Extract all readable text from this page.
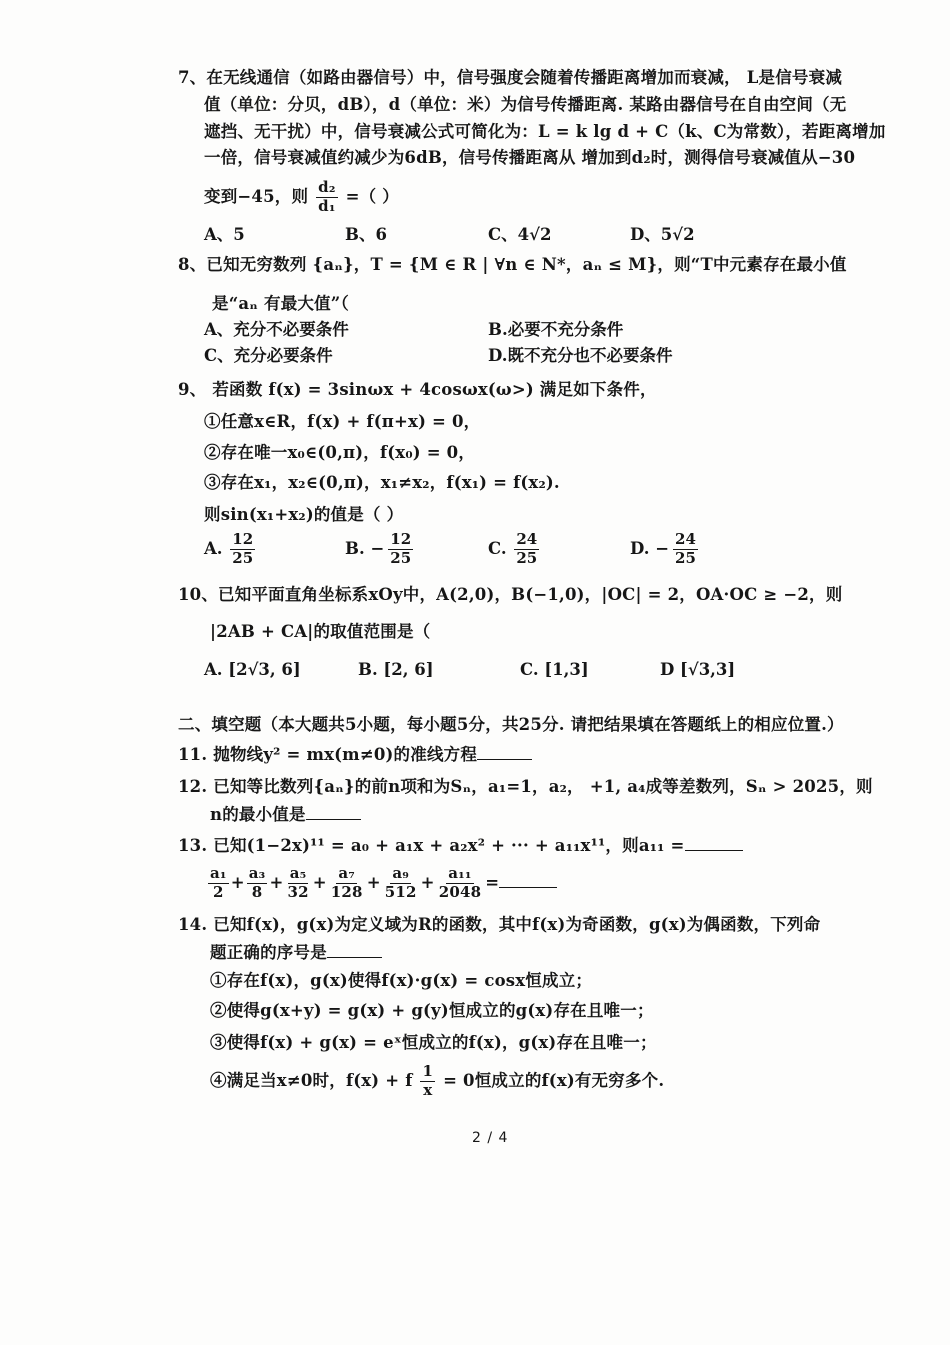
7、在无线通信（如路由器信号）中，信号强度会随着传播距离增加而衰减， L是信号衰减
值（单位：分贝，dB），d（单位：米）为信号传播距离. 某路由器信号在自由空间（无
遮挡、无干扰）中，信号衰减公式可简化为：L = k lg d + C（k、C为常数），若距离增加
一倍，信号衰减值约减少为6dB，信号传播距离从 增加到d₂时，测得信号衰减值从−30
变到−45，则 $\frac{\text{d₂}}{\text{d₁}}$ =（ ）
A、5	B、6	C、4√2	D、5√2
8、已知无穷数列 {aₙ}，T = {M ∈ R | ∀n ∈ N*，aₙ ≤ M}，则“T中元素存在最小值
是“aₙ 有最大值”（
A、充分不必要条件	B.必要不充分条件
C、充分必要条件	D.既不充分也不必要条件
9、 若函数 f(x) = 3sinωx + 4cosωx(ω>) 满足如下条件，
①任意x∈R，f(x) + f(π+x) = 0，
②存在唯一x₀∈(0,π)，f(x₀) = 0，
③存在x₁，x₂∈(0,π)，x₁≠x₂，f(x₁) = f(x₂).
则sin(x₁+x₂)的值是（ ）
A. $\frac{12}{25}$	B. − $\frac{12}{25}$	C. $\frac{24}{25}$	D. − $\frac{24}{25}$
10、已知平面直角坐标系xOy中，A(2,0)，B(−1,0)，|OC| = 2，OA·OC ≥ −2，则
|2AB + CA|的取值范围是（
A. [2√3, 6]	B. [2, 6]	C. [1,3]	D [√3,3]
二、填空题（本大题共5小题，每小题5分，共25分. 请把结果填在答题纸上的相应位置.）
11. 抛物线y² = mx(m≠0)的准线方程
12. 已知等比数列{aₙ}的前n项和为Sₙ，a₁=1，a₂， +1, a₄成等差数列，Sₙ > 2025，则
n的最小值是
13. 已知(1−2x)¹¹ = a₀ + a₁x + a₂x² + ··· + a₁₁x¹¹，则a₁₁ =
$\frac{\text{a₁}}{2} + \frac{\text{a₃}}{8} + \frac{\text{a₅}}{32} + \frac{\text{a₇}}{128} + \frac{\text{a₉}}{512} + \frac{\text{a₁₁}}{2048}$ =
14. 已知f(x)，g(x)为定义域为R的函数，其中f(x)为奇函数，g(x)为偶函数，下列命
题正确的序号是
①存在f(x)，g(x)使得f(x)·g(x) = cosx恒成立；
②使得g(x+y) = g(x) + g(y)恒成立的g(x)存在且唯一；
③使得f(x) + g(x) = eˣ恒成立的f(x)，g(x)存在且唯一；
④满足当x≠0时，f(x) + f $\frac{1}{x} = 0$恒成立的f(x)有无穷多个.
2 / 4
